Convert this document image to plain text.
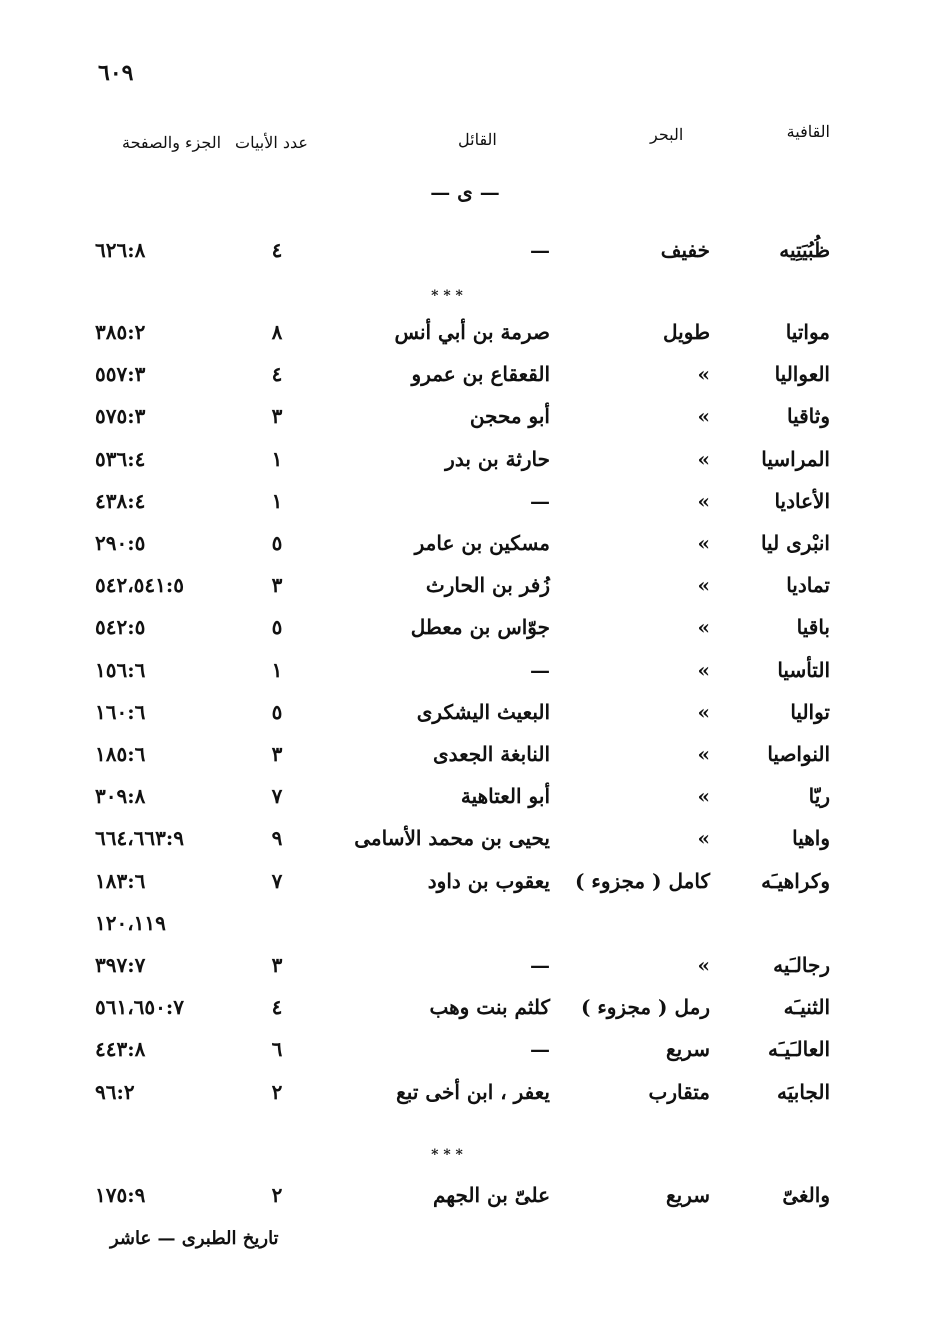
٦٠٩
القافية
البحر
القائل
عدد الأبيات
الجزء والصفحة
— ى —
ظُبُيَتِيه
خفيف
—
٤
٦٢٦:٨
* * *
مواتيا
طويل
صرمة بن أبي أنس
٨
٣٨٥:٢
العواليا
»
القعقاع بن عمرو
٤
٥٥٧:٣
وثاقيا
»
أبو محجن
٣
٥٧٥:٣
المراسيا
»
حارثة بن بدر
١
٥٣٦:٤
الأعاديا
»
—
١
٤٣٨:٤
انبْرى ليا
»
مسكين بن عامر
٥
٢٩٠:٥
تماديا
»
زُفر بن الحارث
٣
٥٤٢،٥٤١:٥
باقيا
»
جوّاس بن معطل
٥
٥٤٢:٥
التأسيا
»
—
١
١٥٦:٦
تواليا
»
البعيث اليشكرى
٥
١٦٠:٦
النواصيا
»
النابغة الجعدى
٣
١٨٥:٦
ريّا
»
أبو العتاهية
٧
٣٠٩:٨
واهيا
»
يحيى بن محمد الأسامى
٩
٦٦٤،٦٦٣:٩
وكراهيـَه
كامل ( مجزوء )
يعقوب بن داود
٧
١٨٣:٦
١٢٠،١١٩
رجالـَيه
»
—
٣
٣٩٧:٧
الثنيـَه
رمل ( مجزوء )
كلثم بنت وهب
٤
٥٦١،٦٥٠:٧
العالـَيـَه
سريع
—
٦
٤٤٣:٨
الجابيَه
متقارب
يعفر ، ابن أخى تبع
٢
٩٦:٢
* * *
والغىّ
سريع
علىّ بن الجهم
٢
١٧٥:٩
تاريخ الطبرى — عاشر
